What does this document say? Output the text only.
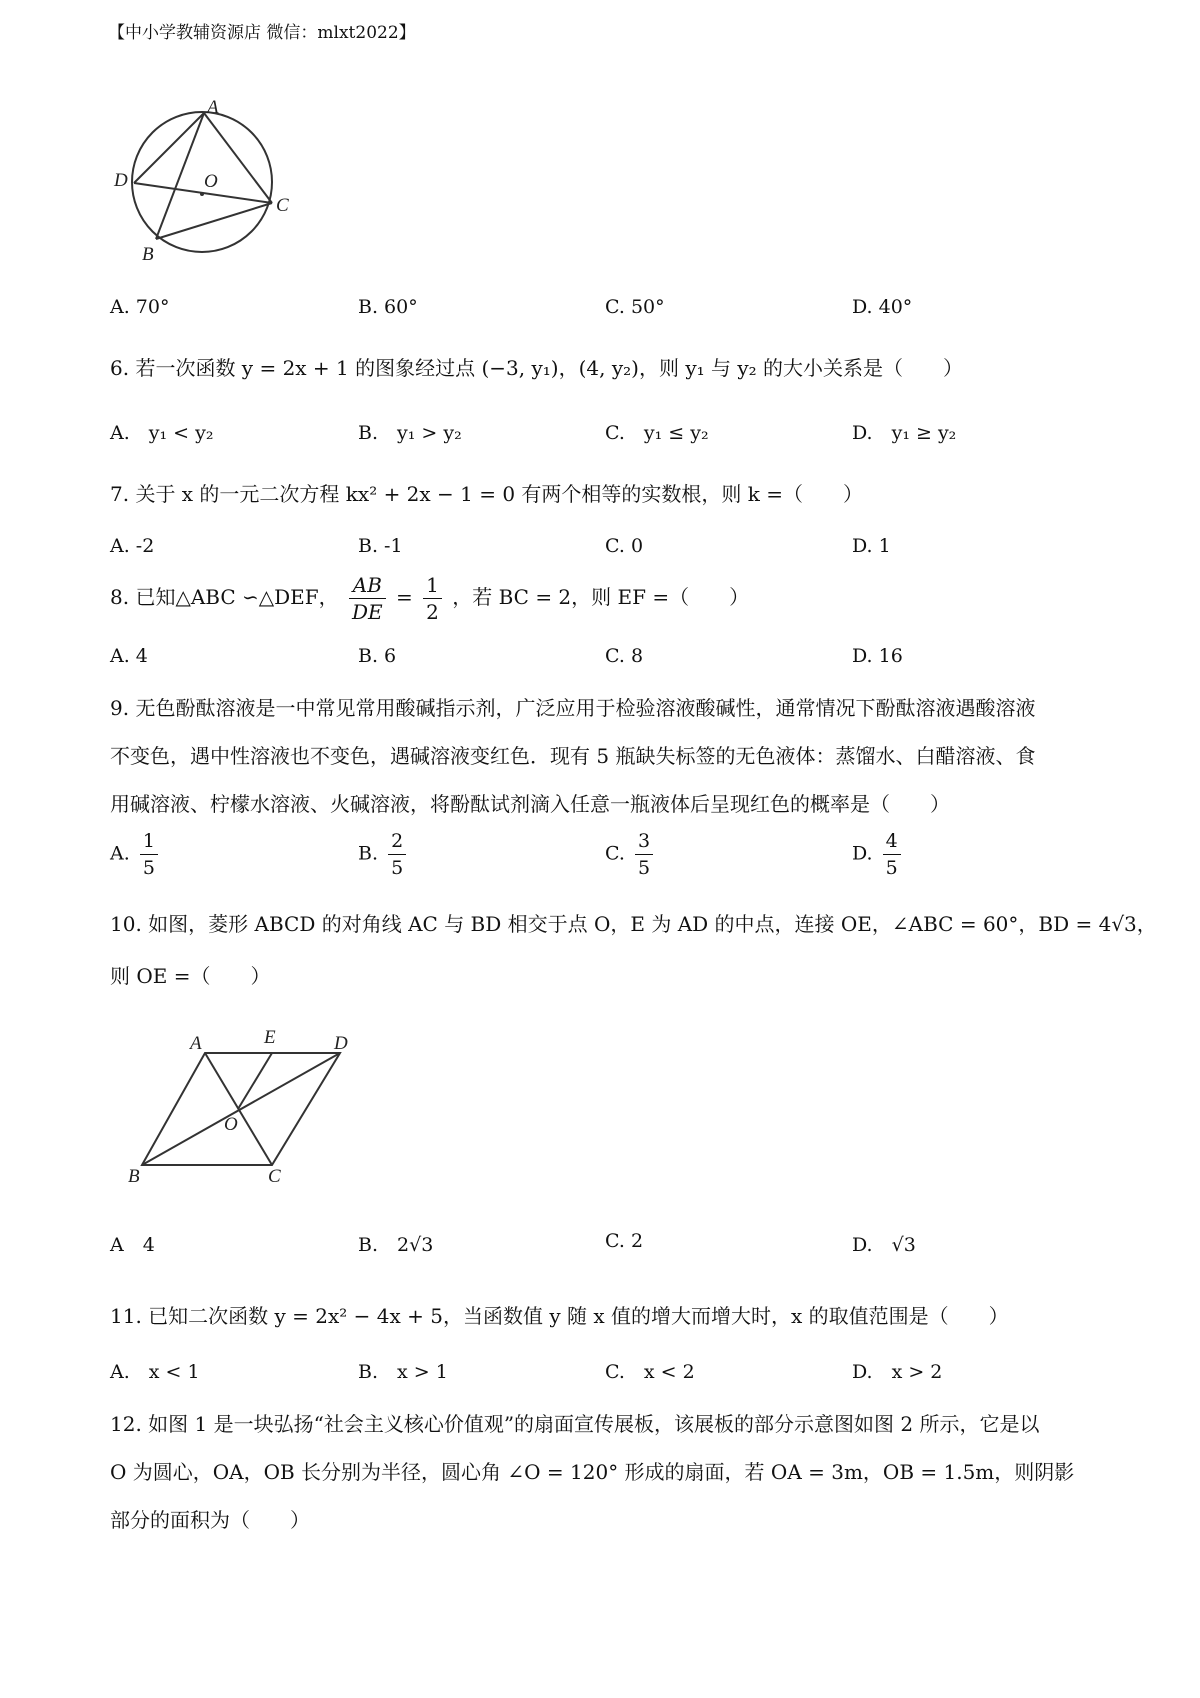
【中小学教辅资源店 微信：mlxt2022】
A
D	O
C
B
A. 70°	B. 60°	C. 50°	D. 40°
6. 若一次函数 y = 2x + 1 的图象经过点 (−3, y₁)，(4, y₂)，则 y₁ 与 y₂ 的大小关系是（　　）
A.　y₁ < y₂	B.　y₁ > y₂	C.　y₁ ≤ y₂	D.　y₁ ≥ y₂
7. 关于 x 的一元二次方程 kx² + 2x − 1 = 0 有两个相等的实数根，则 k =（　　）
A. -2	B. -1	C. 0	D. 1
8. 已知△ABC ∽△DEF， $\frac{AB}{DE} = \frac{1}{2}$ ，若 BC = 2，则 EF =（　　）
A. 4	B. 6	C. 8	D. 16
9. 无色酚酞溶液是一中常见常用酸碱指示剂，广泛应用于检验溶液酸碱性，通常情况下酚酞溶液遇酸溶液
不变色，遇中性溶液也不变色，遇碱溶液变红色．现有 5 瓶缺失标签的无色液体：蒸馏水、白醋溶液、食
用碱溶液、柠檬水溶液、火碱溶液，将酚酞试剂滴入任意一瓶液体后呈现红色的概率是（　　）
A. $\frac{1}{5}$	B. $\frac{2}{5}$	C. $\frac{3}{5}$	D. $\frac{4}{5}$
10. 如图，菱形 ABCD 的对角线 AC 与 BD 相交于点 O，E 为 AD 的中点，连接 OE，∠ABC = 60°，BD = 4√3，
则 OE =（　　）
A	E	D
O
B	C
A　4	B.　2√3	C. 2	D.　√3
11. 已知二次函数 y = 2x² − 4x + 5，当函数值 y 随 x 值的增大而增大时，x 的取值范围是（　　）
A.　x < 1	B.　x > 1	C.　x < 2	D.　x > 2
12. 如图 1 是一块弘扬“社会主义核心价值观”的扇面宣传展板，该展板的部分示意图如图 2 所示，它是以
O 为圆心，OA，OB 长分别为半径，圆心角 ∠O = 120° 形成的扇面，若 OA = 3m，OB = 1.5m，则阴影
部分的面积为（　　）
